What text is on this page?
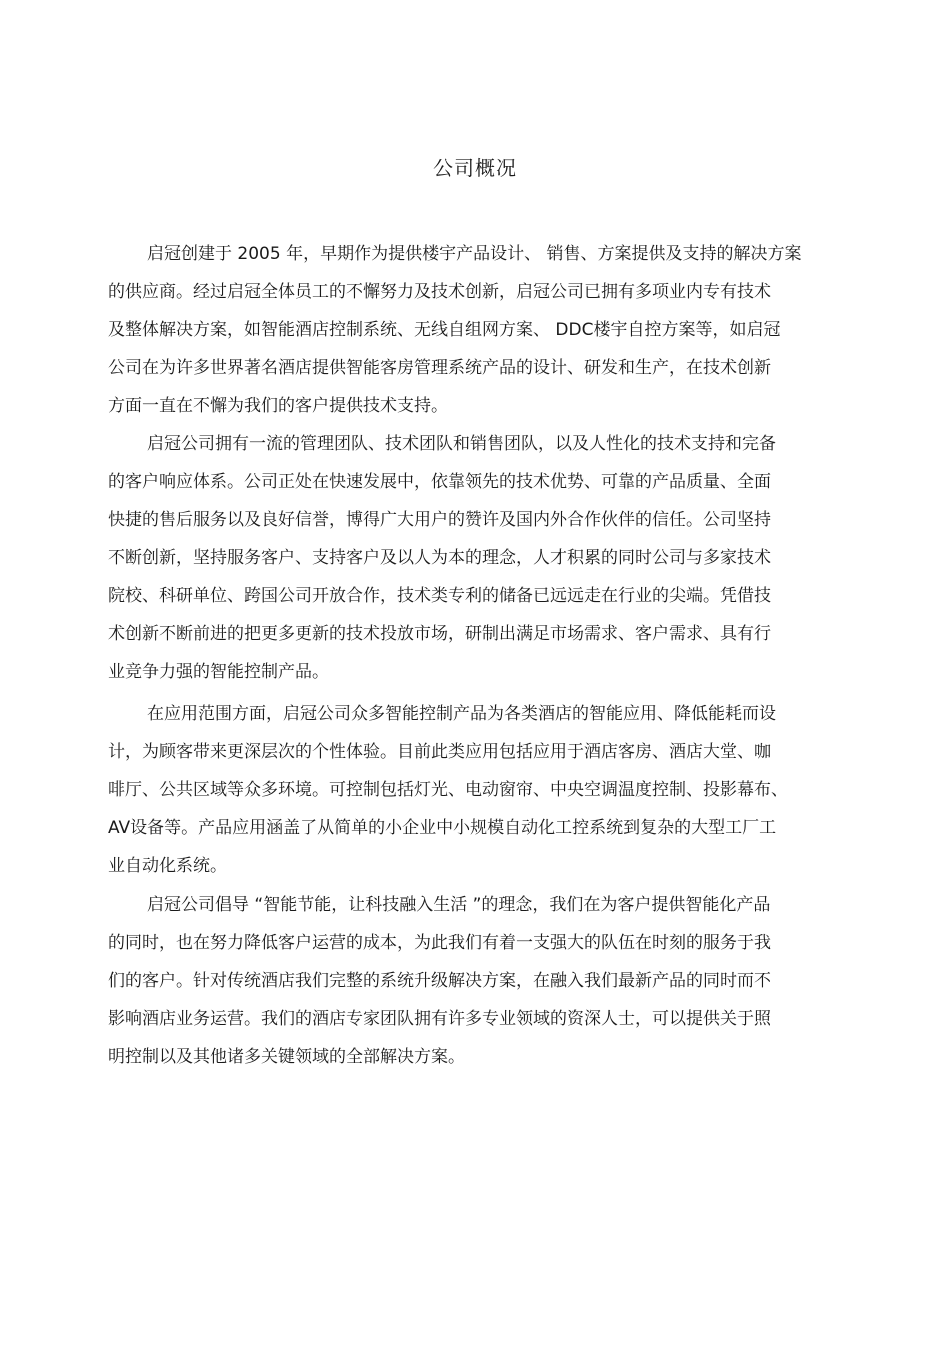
公司概况
启冠创建于 2005 年，早期作为提供楼宇产品设计、 销售、方案提供及支持的解决方案
的供应商。经过启冠全体员工的不懈努力及技术创新，启冠公司已拥有多项业内专有技术
及整体解决方案，如智能酒店控制系统、无线自组网方案、 DDC楼宇自控方案等，如启冠
公司在为许多世界著名酒店提供智能客房管理系统产品的设计、研发和生产，在技术创新
方面一直在不懈为我们的客户提供技术支持。
启冠公司拥有一流的管理团队、技术团队和销售团队，以及人性化的技术支持和完备
的客户响应体系。公司正处在快速发展中，依靠领先的技术优势、可靠的产品质量、全面
快捷的售后服务以及良好信誉，博得广大用户的赞许及国内外合作伙伴的信任。公司坚持
不断创新，坚持服务客户、支持客户及以人为本的理念，人才积累的同时公司与多家技术
院校、科研单位、跨国公司开放合作，技术类专利的储备已远远走在行业的尖端。凭借技
术创新不断前进的把更多更新的技术投放市场，研制出满足市场需求、客户需求、具有行
业竞争力强的智能控制产品。
在应用范围方面，启冠公司众多智能控制产品为各类酒店的智能应用、降低能耗而设
计，为顾客带来更深层次的个性体验。目前此类应用包括应用于酒店客房、酒店大堂、咖
啡厅、公共区域等众多环境。可控制包括灯光、电动窗帘、中央空调温度控制、投影幕布、
AV设备等。产品应用涵盖了从简单的小企业中小规模自动化工控系统到复杂的大型工厂工
业自动化系统。
启冠公司倡导 “智能节能，让科技融入生活 ”的理念，我们在为客户提供智能化产品
的同时，也在努力降低客户运营的成本，为此我们有着一支强大的队伍在时刻的服务于我
们的客户。针对传统酒店我们完整的系统升级解决方案，在融入我们最新产品的同时而不
影响酒店业务运营。我们的酒店专家团队拥有许多专业领域的资深人士，可以提供关于照
明控制以及其他诸多关键领域的全部解决方案。
